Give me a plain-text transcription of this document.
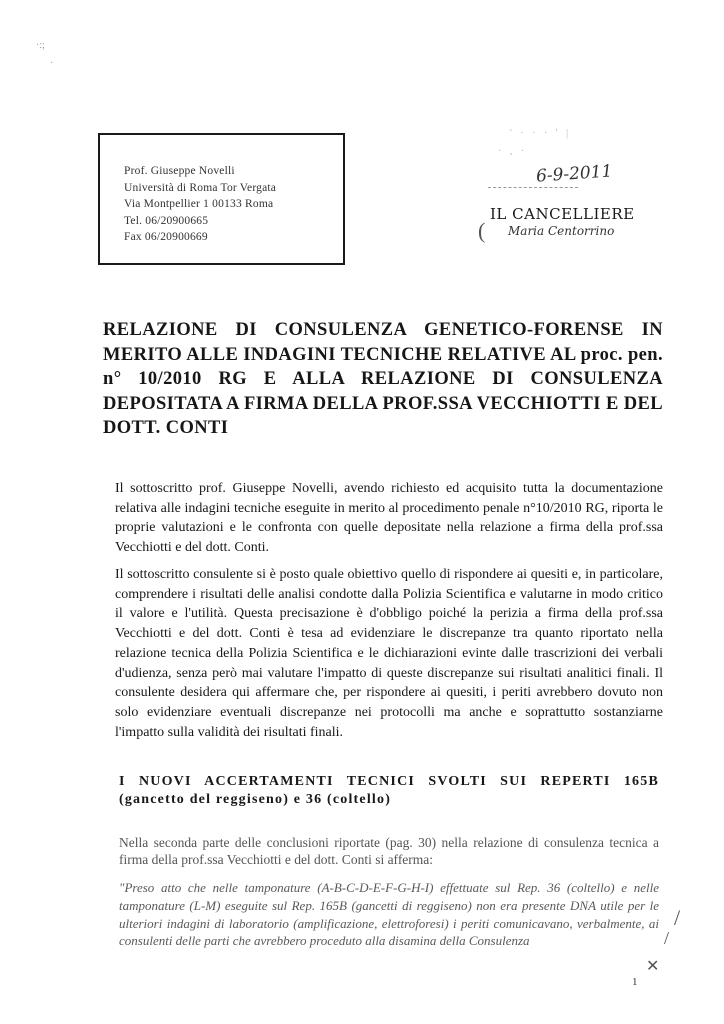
·:;
·
Prof. Giuseppe Novelli
Università di Roma Tor Vergata
Via Montpellier 1 00133 Roma
Tel. 06/20900665
Fax 06/20900669
' · · · ' |
· , ·
6-9-2011
(
IL CANCELLIERE
Maria Centorrino
RELAZIONE DI CONSULENZA GENETICO-FORENSE IN MERITO ALLE INDAGINI TECNICHE RELATIVE AL proc. pen. n° 10/2010 RG E ALLA RELAZIONE DI CONSULENZA DEPOSITATA A FIRMA DELLA PROF.SSA VECCHIOTTI E DEL DOTT. CONTI

Il sottoscritto prof. Giuseppe Novelli, avendo richiesto ed acquisito tutta la documentazione relativa alle indagini tecniche eseguite in merito al procedimento penale n°10/2010 RG, riporta le proprie valutazioni e le confronta con quelle depositate nella relazione a firma della prof.ssa Vecchiotti e del dott. Conti.

Il sottoscritto consulente si è posto quale obiettivo quello di rispondere ai quesiti e, in particolare, comprendere i risultati delle analisi condotte dalla Polizia Scientifica e valutarne in modo critico il valore e l'utilità. Questa precisazione è d'obbligo poiché la perizia a firma della prof.ssa Vecchiotti e del dott. Conti è tesa ad evidenziare le discrepanze tra quanto riportato nella relazione tecnica della Polizia Scientifica e le dichiarazioni evinte dalle trascrizioni dei verbali d'udienza, senza però mai valutare l'impatto di queste discrepanze sui risultati analitici finali. Il consulente desidera qui affermare che, per rispondere ai quesiti, i periti avrebbero dovuto non solo evidenziare eventuali discrepanze nei protocolli ma anche e soprattutto sostanziarne l'impatto sulla validità dei risultati finali.

I NUOVI ACCERTAMENTI TECNICI SVOLTI SUI REPERTI 165B (gancetto del reggiseno) e 36 (coltello)

Nella seconda parte delle conclusioni riportate (pag. 30) nella relazione di consulenza tecnica a firma della prof.ssa Vecchiotti e del dott. Conti si afferma:

"Preso atto che nelle tamponature (A-B-C-D-E-F-G-H-I) effettuate sul Rep. 36 (coltello) e nelle tamponature (L-M) eseguite sul Rep. 165B (gancetti di reggiseno) non era presente DNA utile per le ulteriori indagini di laboratorio (amplificazione, elettroforesi) i periti comunicavano, verbalmente, ai consulenti delle parti che avrebbero proceduto alla disamina della Consulenza

/
/
✕
1
